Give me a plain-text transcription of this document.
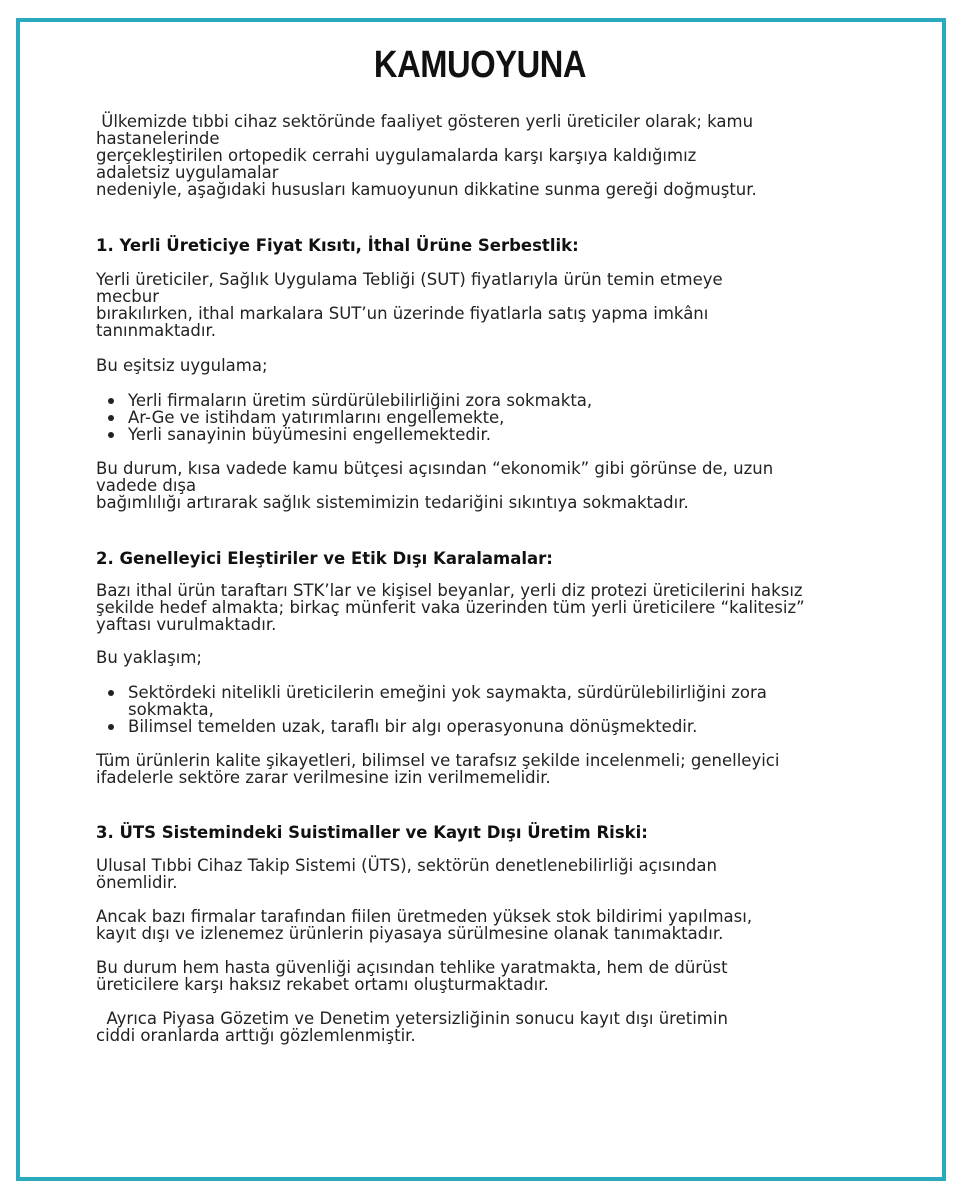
KAMUOYUNA

Ülkemizde tıbbi cihaz sektöründe faaliyet gösteren yerli üreticiler olarak; kamu
hastanelerinde
gerçekleştirilen ortopedik cerrahi uygulamalarda karşı karşıya kaldığımız
adaletsiz uygulamalar
nedeniyle, aşağıdaki hususları kamuoyunun dikkatine sunma gereği doğmuştur.

1. Yerli Üreticiye Fiyat Kısıtı, İthal Ürüne Serbestlik:

Yerli üreticiler, Sağlık Uygulama Tebliği (SUT) fiyatlarıyla ürün temin etmeye
mecbur
bırakılırken, ithal markalara SUT’un üzerinde fiyatlarla satış yapma imkânı
tanınmaktadır.

Bu eşitsiz uygulama;

Yerli firmaların üretim sürdürülebilirliğini zora sokmakta,
Ar-Ge ve istihdam yatırımlarını engellemekte,
Yerli sanayinin büyümesini engellemektedir.

Bu durum, kısa vadede kamu bütçesi açısından “ekonomik” gibi görünse de, uzun
vadede dışa
bağımlılığı artırarak sağlık sistemimizin tedariğini sıkıntıya sokmaktadır.

2. Genelleyici Eleştiriler ve Etik Dışı Karalamalar:

Bazı ithal ürün taraftarı STK’lar ve kişisel beyanlar, yerli diz protezi üreticilerini haksız
şekilde hedef almakta; birkaç münferit vaka üzerinden tüm yerli üreticilere “kalitesiz”
yaftası vurulmaktadır.

Bu yaklaşım;

Sektördeki nitelikli üreticilerin emeğini yok saymakta, sürdürülebilirliğini zora
sokmakta,
Bilimsel temelden uzak, taraflı bir algı operasyonuna dönüşmektedir.

Tüm ürünlerin kalite şikayetleri, bilimsel ve tarafsız şekilde incelenmeli; genelleyici
ifadelerle sektöre zarar verilmesine izin verilmemelidir.

3. ÜTS Sistemindeki Suistimaller ve Kayıt Dışı Üretim Riski:

Ulusal Tıbbi Cihaz Takip Sistemi (ÜTS), sektörün denetlenebilirliği açısından
önemlidir.

Ancak bazı firmalar tarafından fiilen üretmeden yüksek stok bildirimi yapılması,
kayıt dışı ve izlenemez ürünlerin piyasaya sürülmesine olanak tanımaktadır.

Bu durum hem hasta güvenliği açısından tehlike yaratmakta, hem de dürüst
üreticilere karşı haksız rekabet ortamı oluşturmaktadır.

Ayrıca Piyasa Gözetim ve Denetim yetersizliğinin sonucu kayıt dışı üretimin
ciddi oranlarda arttığı gözlemlenmiştir.
